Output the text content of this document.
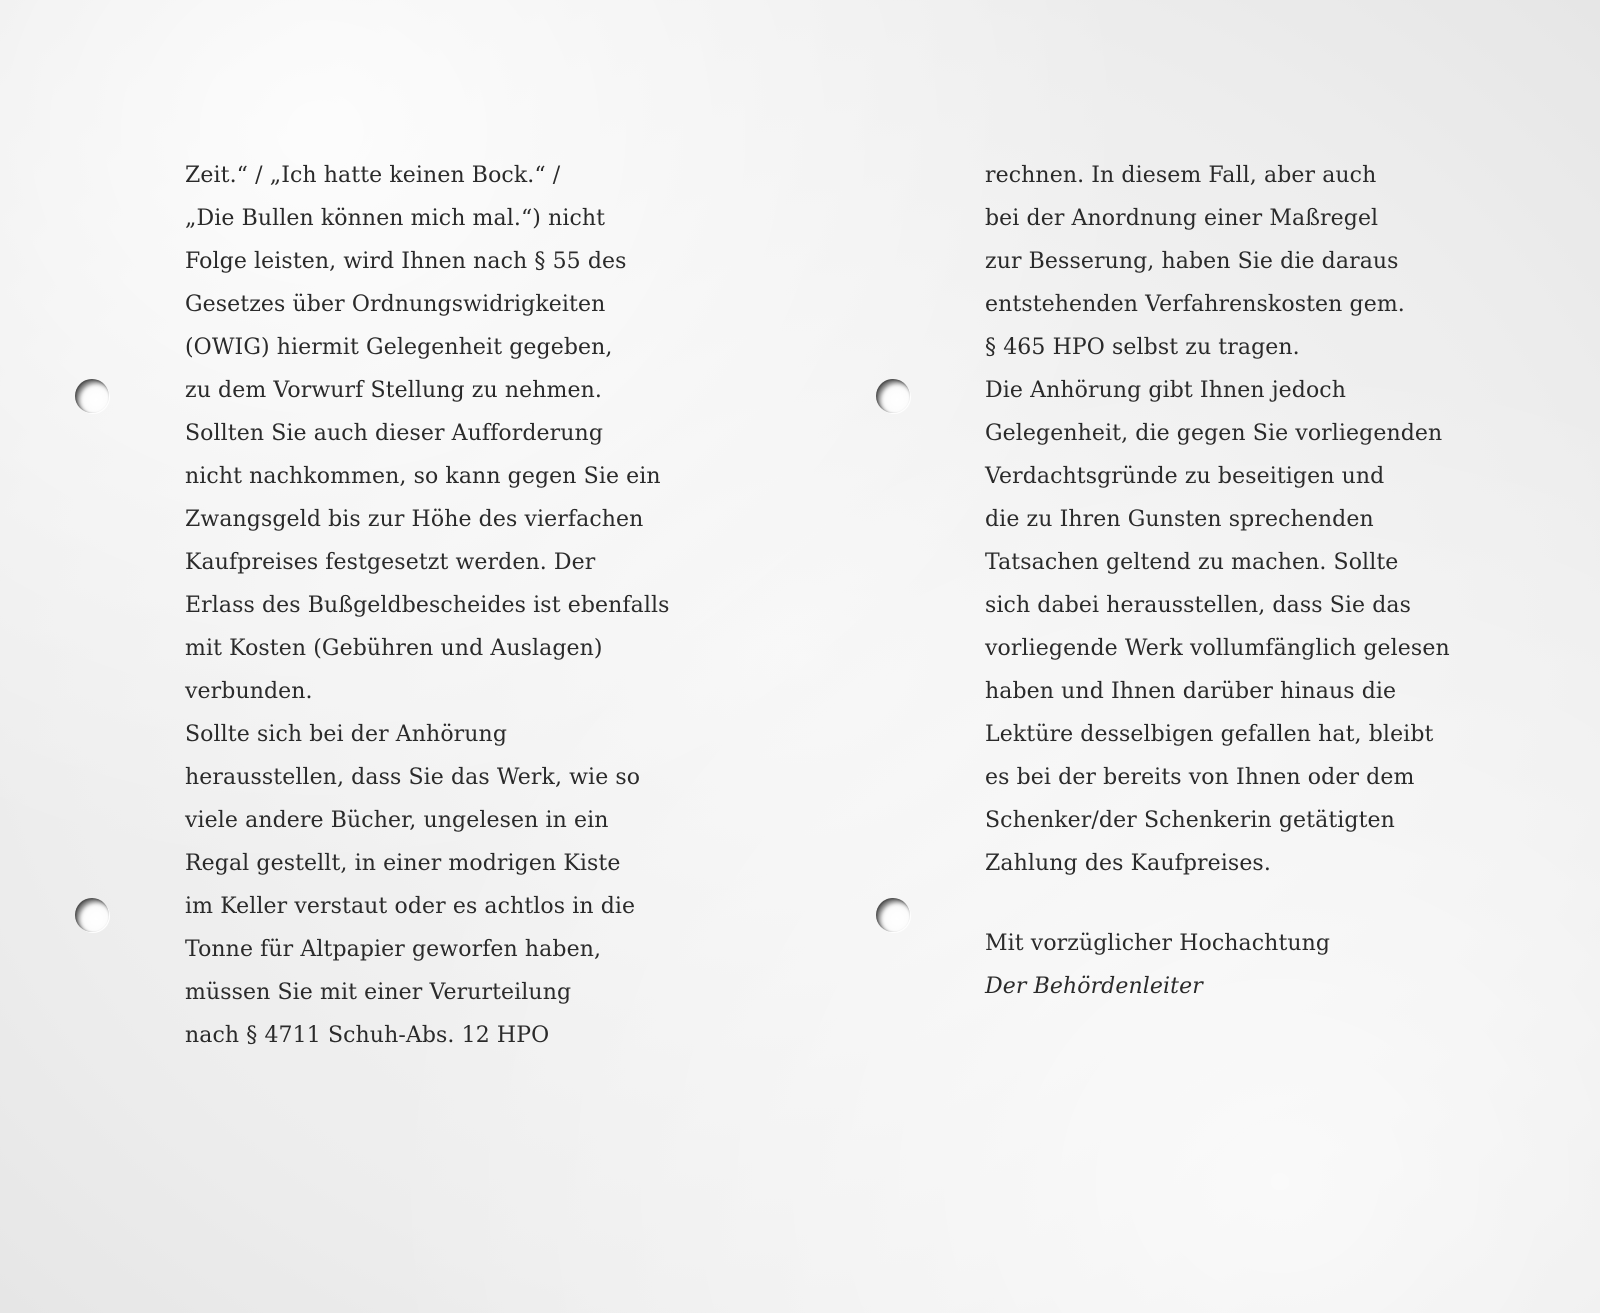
Zeit.“ / „Ich hatte keinen Bock.“ /
„Die Bullen können mich mal.“) nicht
Folge leisten, wird Ihnen nach § 55 des
Gesetzes über Ordnungswidrigkeiten
(OWIG) hiermit Gelegenheit gegeben,
zu dem Vorwurf Stellung zu nehmen.
Sollten Sie auch dieser Aufforderung
nicht nachkommen, so kann gegen Sie ein
Zwangsgeld bis zur Höhe des vierfachen
Kaufpreises festgesetzt werden. Der
Erlass des Bußgeldbescheides ist ebenfalls
mit Kosten (Gebühren und Auslagen)
verbunden.
Sollte sich bei der Anhörung
herausstellen, dass Sie das Werk, wie so
viele andere Bücher, ungelesen in ein
Regal gestellt, in einer modrigen Kiste
im Keller verstaut oder es achtlos in die
Tonne für Altpapier geworfen haben,
müssen Sie mit einer Verurteilung
nach § 4711 Schuh-Abs. 12 HPO
rechnen. In diesem Fall, aber auch
bei der Anordnung einer Maßregel
zur Besserung, haben Sie die daraus
entstehenden Verfahrenskosten gem.
§ 465 HPO selbst zu tragen.
Die Anhörung gibt Ihnen jedoch
Gelegenheit, die gegen Sie vorliegenden
Verdachtsgründe zu beseitigen und
die zu Ihren Gunsten sprechenden
Tatsachen geltend zu machen. Sollte
sich dabei herausstellen, dass Sie das
vorliegende Werk vollumfänglich gelesen
haben und Ihnen darüber hinaus die
Lektüre desselbigen gefallen hat, bleibt
es bei der bereits von Ihnen oder dem
Schenker/der Schenkerin getätigten
Zahlung des Kaufpreises.
Mit vorzüglicher Hochachtung
Der Behördenleiter
